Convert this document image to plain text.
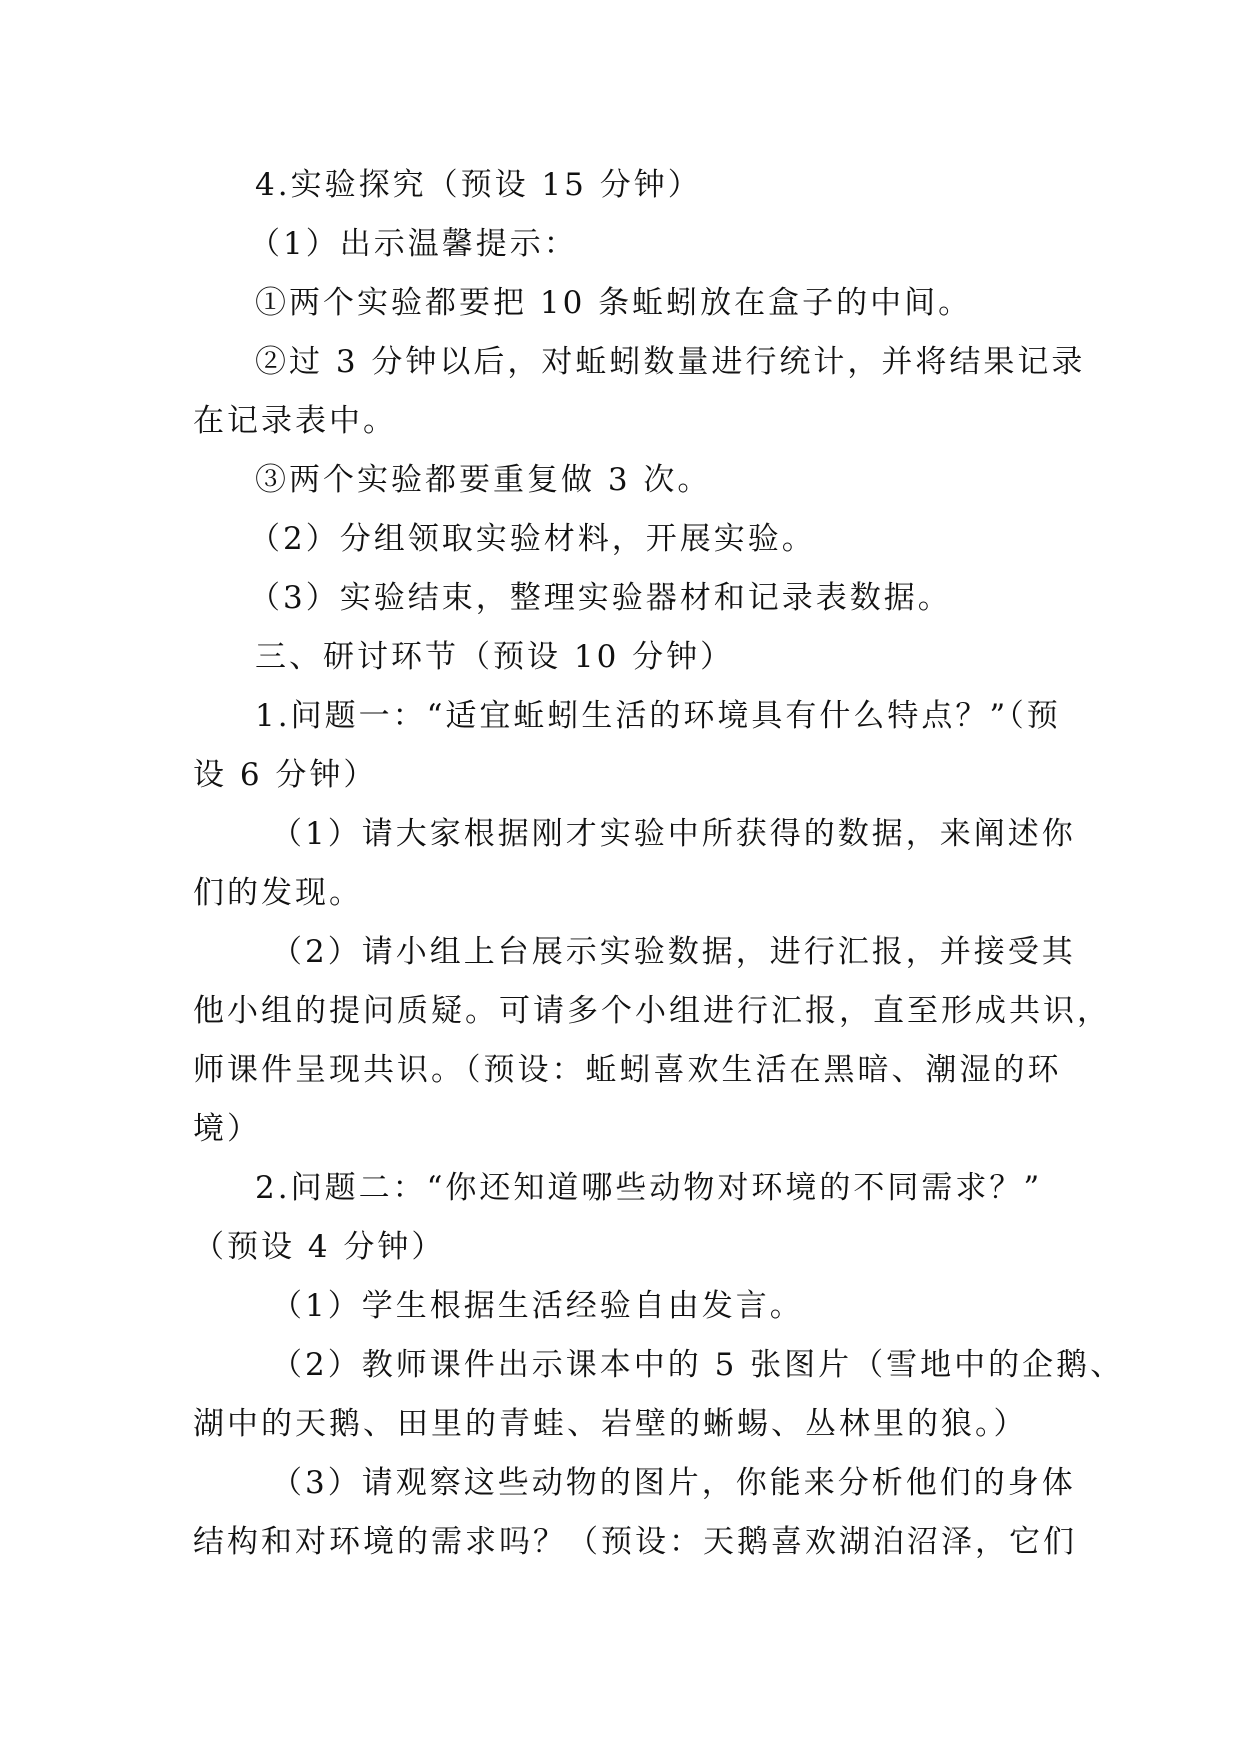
4.实验探究（预设 15 分钟）

（1）出示温馨提示：

①两个实验都要把 10 条蚯蚓放在盒子的中间。

②过 3 分钟以后，对蚯蚓数量进行统计，并将结果记录

在记录表中。

③两个实验都要重复做 3 次。

（2）分组领取实验材料，开展实验。

（3）实验结束，整理实验器材和记录表数据。

三、研讨环节（预设 10 分钟）

1.问题一：“适宜蚯蚓生活的环境具有什么特点？”（预

设 6 分钟）

（1）请大家根据刚才实验中所获得的数据，来阐述你

们的发现。

（2）请小组上台展示实验数据，进行汇报，并接受其

他小组的提问质疑。可请多个小组进行汇报，直至形成共识，

师课件呈现共识。（预设：蚯蚓喜欢生活在黑暗、潮湿的环

境）

2.问题二：“你还知道哪些动物对环境的不同需求？”

（预设 4 分钟）

（1）学生根据生活经验自由发言。

（2）教师课件出示课本中的 5 张图片（雪地中的企鹅、

湖中的天鹅、田里的青蛙、岩壁的蜥蜴、丛林里的狼。）

（3）请观察这些动物的图片，你能来分析他们的身体

结构和对环境的需求吗？（预设：天鹅喜欢湖泊沼泽，它们
